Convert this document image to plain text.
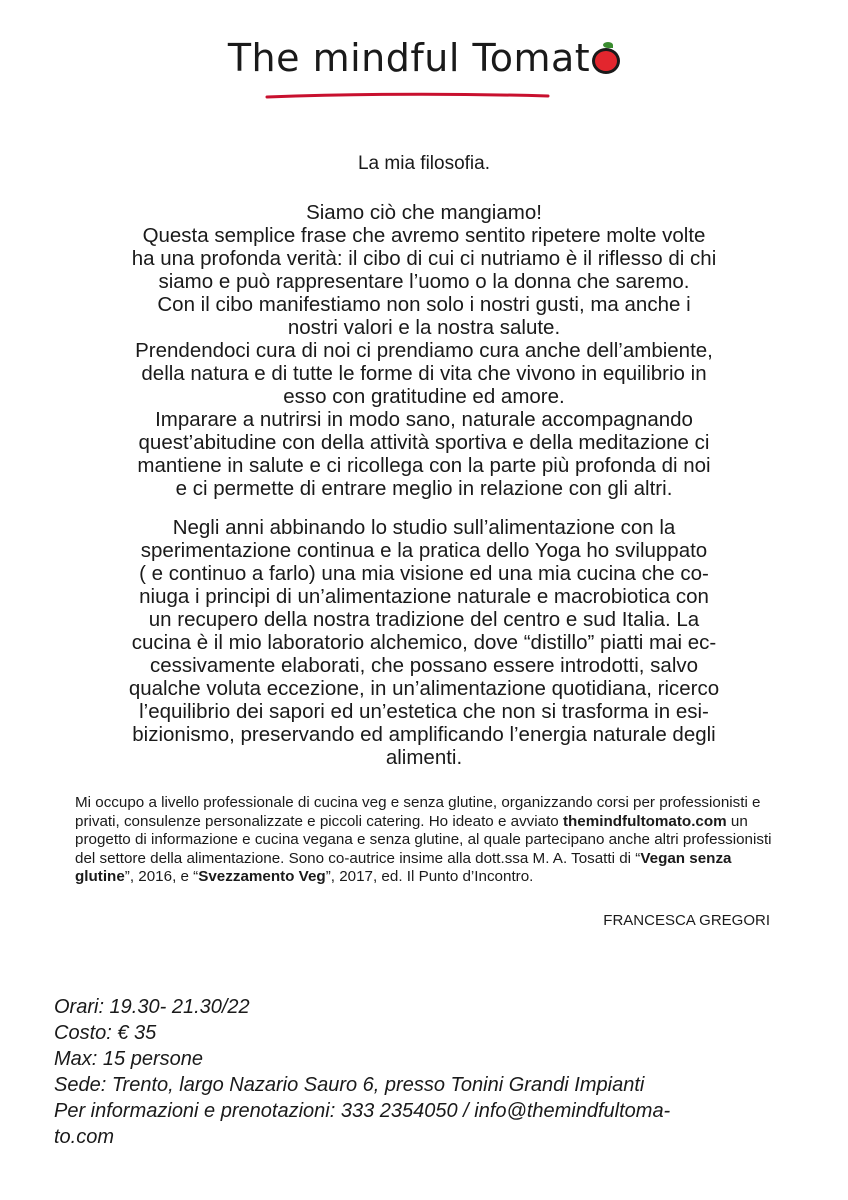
The mindful Tomat
La mia filosofia.

Siamo ciò che mangiamo!

Questa semplice frase che avremo sentito ripetere molte volte

ha una profonda verità: il cibo di cui ci nutriamo è il riflesso di chi

siamo e può rappresentare l’uomo o la donna che saremo.

Con il cibo manifestiamo non solo i nostri gusti, ma anche i

nostri valori e la nostra salute.

Prendendoci cura di noi ci prendiamo cura anche dell’ambiente,

della natura e di tutte le forme di vita che vivono in equilibrio in

esso con gratitudine ed amore.

Imparare a nutrirsi in modo sano, naturale accompagnando

quest’abitudine con della attività sportiva e della meditazione ci

mantiene in salute e ci ricollega con la parte più profonda di noi

e ci permette di entrare meglio in relazione con gli altri.

Negli anni abbinando lo studio sull’alimentazione con la

sperimentazione continua e la pratica dello Yoga ho sviluppato

( e continuo a farlo) una mia visione ed una mia cucina che co-

niuga i principi di un’alimentazione naturale e macrobiotica con

un recupero della nostra tradizione del centro e sud Italia. La

cucina è il mio laboratorio alchemico, dove “distillo” piatti mai ec-

cessivamente elaborati, che possano essere introdotti, salvo

qualche voluta eccezione, in un’alimentazione quotidiana, ricerco

l’equilibrio dei sapori ed un’estetica che non si trasforma in esi-

bizionismo, preservando ed amplificando l’energia naturale degli

alimenti.

Mi occupo a livello professionale di cucina veg e senza glutine, organizzando corsi per professionisti e privati, consulenze personalizzate e piccoli catering. Ho ideato e avviato themindfultomato.com un progetto di informazione e cucina vegana e senza glutine, al quale partecipano anche altri professionisti del settore della alimentazione. Sono co-autrice insime alla dott.ssa M. A. Tosatti di “Vegan senza glutine”, 2016, e “Svezzamento Veg”, 2017, ed. Il Punto d’Incontro.
FRANCESCA GREGORI
Orari: 19.30- 21.30/22
Costo: € 35
Max: 15 persone
Sede: Trento, largo Nazario Sauro 6, presso Tonini Grandi Impianti
Per informazioni e prenotazioni: 333 2354050 / info@themindfultoma-
to.com
